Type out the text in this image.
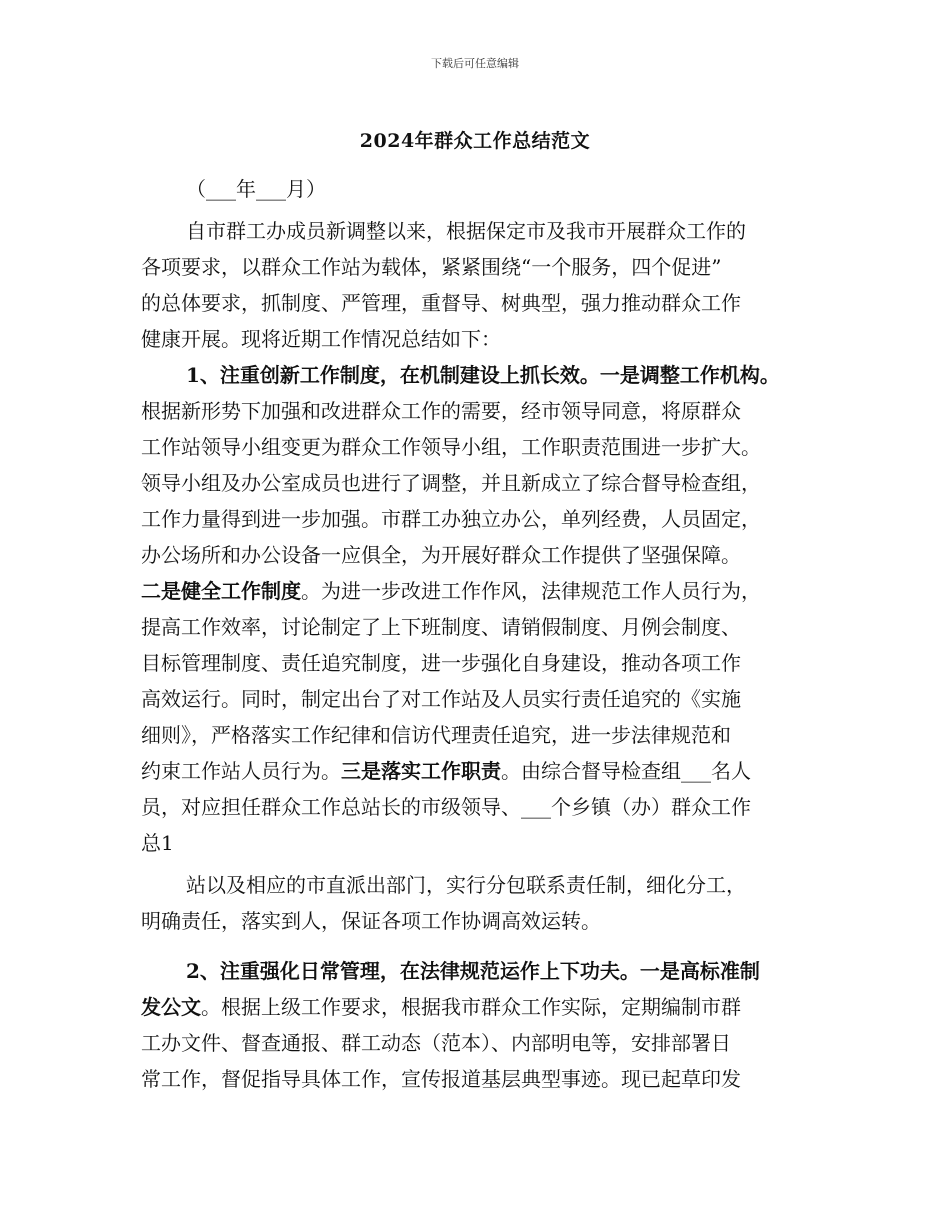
下载后可任意编辑
2024年群众工作总结范文
（___年___月）
自市群工办成员新调整以来，根据保定市及我市开展群众工作的
各项要求，以群众工作站为载体，紧紧围绕“一个服务，四个促进”
的总体要求，抓制度、严管理，重督导、树典型，强力推动群众工作
健康开展。现将近期工作情况总结如下：
1、注重创新工作制度，在机制建设上抓长效。一是调整工作机构。
根据新形势下加强和改进群众工作的需要，经市领导同意，将原群众
工作站领导小组变更为群众工作领导小组，工作职责范围进一步扩大。
领导小组及办公室成员也进行了调整，并且新成立了综合督导检查组，
工作力量得到进一步加强。市群工办独立办公，单列经费，人员固定，
办公场所和办公设备一应俱全，为开展好群众工作提供了坚强保障。
二是健全工作制度。为进一步改进工作作风，法律规范工作人员行为，
提高工作效率，讨论制定了上下班制度、请销假制度、月例会制度、
目标管理制度、责任追究制度，进一步强化自身建设，推动各项工作
高效运行。同时，制定出台了对工作站及人员实行责任追究的《实施
细则》，严格落实工作纪律和信访代理责任追究，进一步法律规范和
约束工作站人员行为。三是落实工作职责。由综合督导检查组___名人
员，对应担任群众工作总站长的市级领导、___个乡镇（办）群众工作
总1
站以及相应的市直派出部门，实行分包联系责任制，细化分工，
明确责任，落实到人，保证各项工作协调高效运转。
2、注重强化日常管理，在法律规范运作上下功夫。一是高标准制
发公文。根据上级工作要求，根据我市群众工作实际，定期编制市群
工办文件、督查通报、群工动态（范本）、内部明电等，安排部署日
常工作，督促指导具体工作，宣传报道基层典型事迹。现已起草印发
